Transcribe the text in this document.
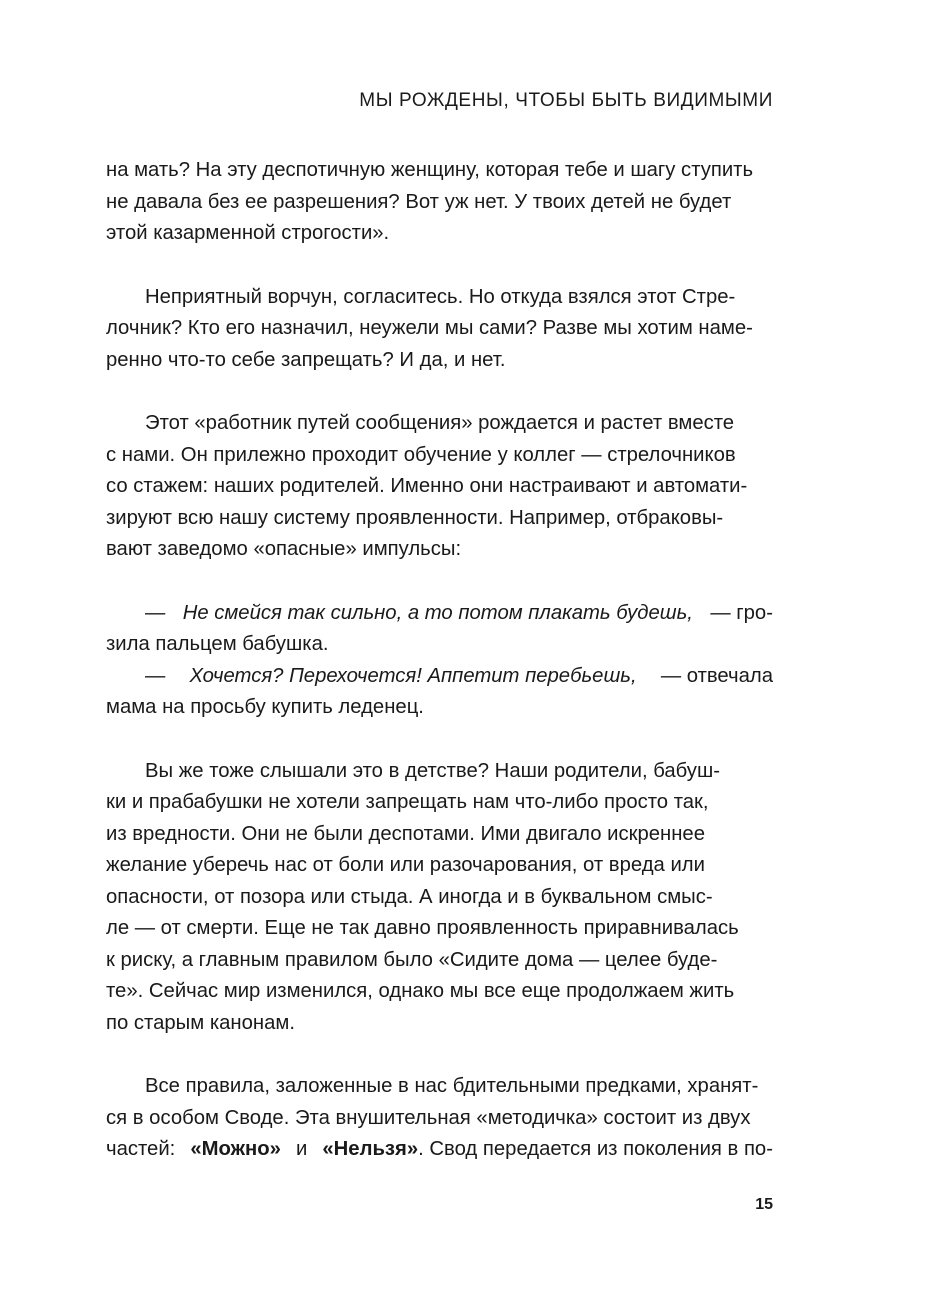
МЫ РОЖДЕНЫ, ЧТОБЫ БЫТЬ ВИДИМЫМИ
на мать? На эту деспотичную женщину, которая тебе и шагу ступить
не давала без ее разрешения? Вот уж нет. У твоих детей не будет
этой казарменной строгости».
Неприятный ворчун, согласитесь. Но откуда взялся этот Стре-
лочник? Кто его назначил, неужели мы сами? Разве мы хотим наме-
ренно что-то себе запрещать? И да, и нет.
Этот «работник путей сообщения» рождается и растет вместе
с нами. Он прилежно проходит обучение у коллег — стрелочников
со стажем: наших родителей. Именно они настраивают и автомати-
зируют всю нашу систему проявленности. Например, отбраковы-
вают заведомо «опасные» импульсы:
— Не смейся так сильно, а то потом плакать будешь, — гро-
зила пальцем бабушка.
— Хочется? Перехочется! Аппетит перебьешь, — отвечала
мама на просьбу купить леденец.
Вы же тоже слышали это в детстве? Наши родители, бабуш-
ки и прабабушки не хотели запрещать нам что-либо просто так,
из вредности. Они не были деспотами. Ими двигало искреннее
желание уберечь нас от боли или разочарования, от вреда или
опасности, от позора или стыда. А иногда и в буквальном смыс-
ле — от смерти. Еще не так давно проявленность приравнивалась
к риску, а главным правилом было «Сидите дома — целее буде-
те». Сейчас мир изменился, однако мы все еще продолжаем жить
по старым канонам.
Все правила, заложенные в нас бдительными предками, хранят-
ся в особом Своде. Эта внушительная «методичка» состоит из двух
частей: «Можно» и «Нельзя». Свод передается из поколения в по-
15
